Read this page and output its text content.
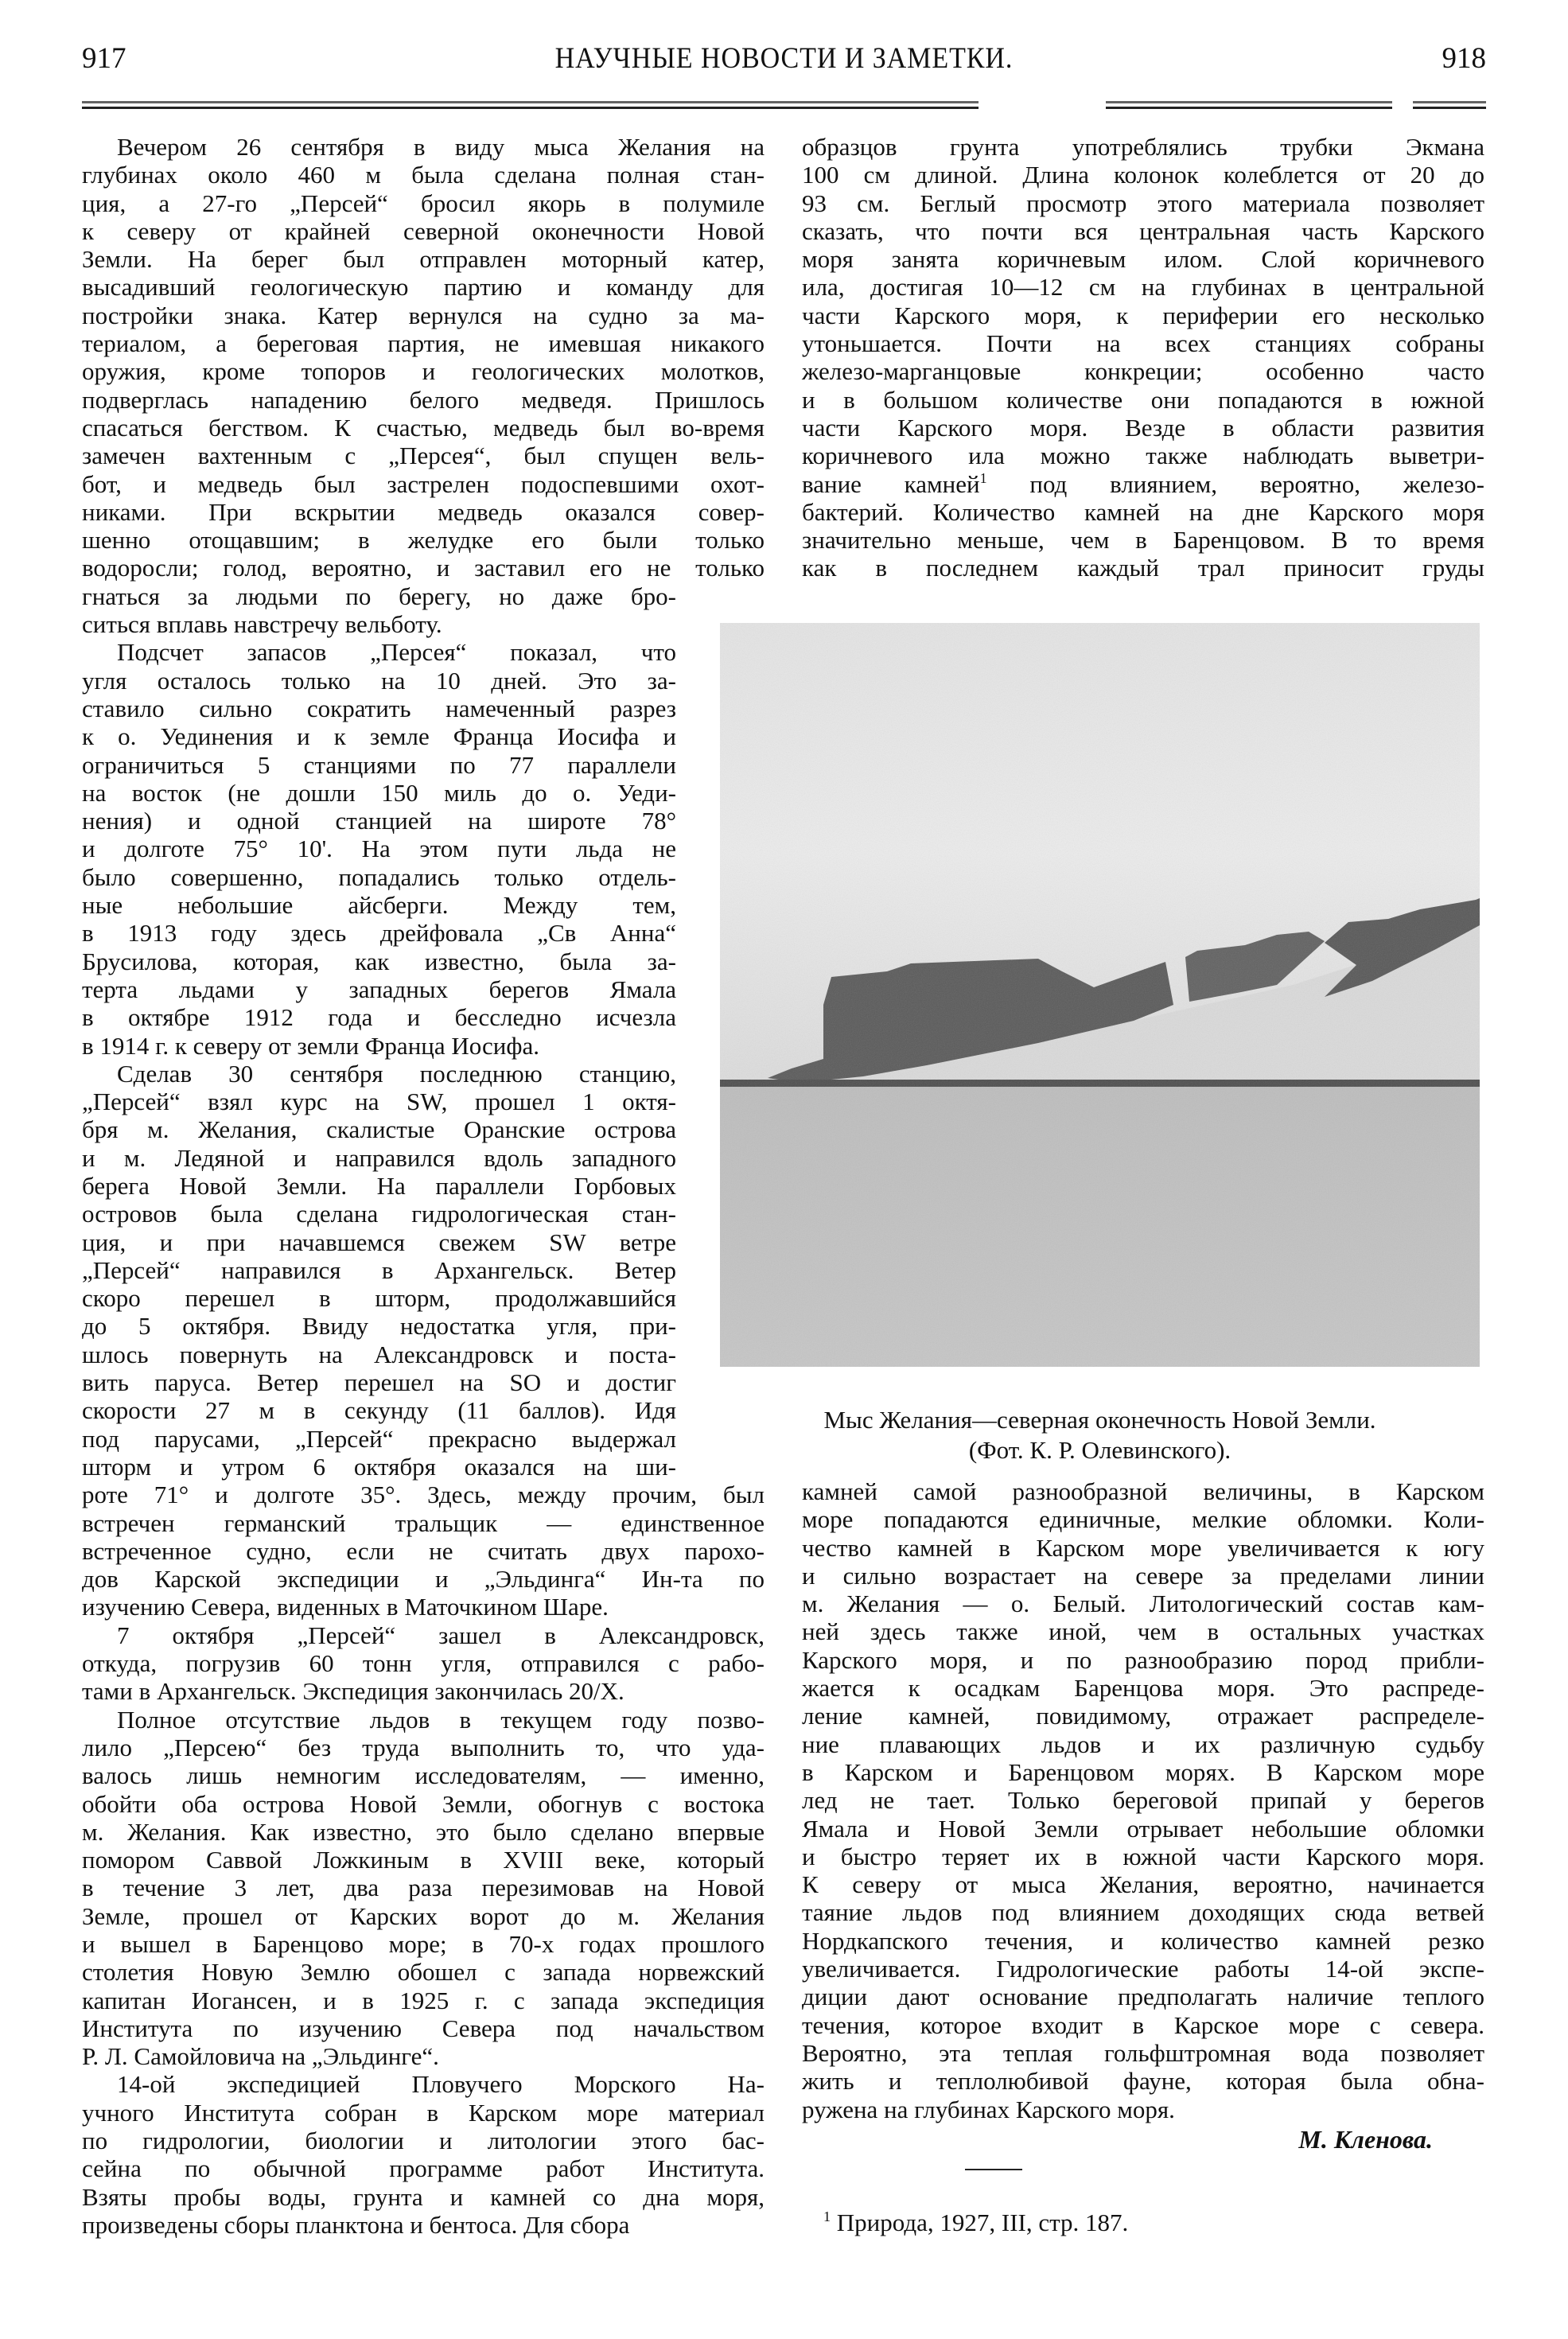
917	НАУЧНЫЕ НОВОСТИ И ЗАМЕТКИ.	918
Вечером 26 сентября в виду мыса Желания на
глубинах около 460 м была сделана полная стан-
ция, а 27-го „Персей“ бросил якорь в полумиле
к северу от крайней северной оконечности Новой
Земли. На берег был отправлен моторный катер,
высадивший геологическую партию и команду для
постройки знака. Катер вернулся на судно за ма-
териалом, а береговая партия, не имевшая никакого
оружия, кроме топоров и геологических молотков,
подверглась нападению белого медведя. Пришлось
спасаться бегством. К счастью, медведь был во-время
замечен вахтенным с „Персея“, был спущен вель-
бот, и медведь был застрелен подоспевшими охот-
никами. При вскрытии медведь оказался совер-
шенно отощавшим; в желудке его были только
водоросли; голод, вероятно, и заставил его не только
гнаться за людьми по берегу, но даже бро-
ситься вплавь навстречу вельботу.
Подсчет запасов „Персея“ показал, что
угля осталось только на 10 дней. Это за-
ставило сильно сократить намеченный разрез
к о. Уединения и к земле Франца Иосифа и
ограничиться 5 станциями по 77 параллели
на восток (не дошли 150 миль до о. Уеди-
нения) и одной станцией на широте 78°
и долготе 75° 10'. На этом пути льда не
было совершенно, попадались только отдель-
ные небольшие айсберги. Между тем,
в 1913 году здесь дрейфовала „Св Анна“
Брусилова, которая, как известно, была за-
терта льдами у западных берегов Ямала
в октябре 1912 года и бесследно исчезла
в 1914 г. к северу от земли Франца Иосифа.
Сделав 30 сентября последнюю станцию,
„Персей“ взял курс на SW, прошел 1 октя-
бря м. Желания, скалистые Оранские острова
и м. Ледяной и направился вдоль западного
берега Новой Земли. На параллели Горбовых
островов была сделана гидрологическая стан-
ция, и при начавшемся свежем SW ветре
„Персей“ направился в Архангельск. Ветер
скоро перешел в шторм, продолжавшийся
до 5 октября. Ввиду недостатка угля, при-
шлось повернуть на Александровск и поста-
вить паруса. Ветер перешел на SO и достиг
скорости 27 м в секунду (11 баллов). Идя
под парусами, „Персей“ прекрасно выдержал
шторм и утром 6 октября оказался на ши-
роте 71° и долготе 35°. Здесь, между прочим, был
встречен германский тральщик — единственное
встреченное судно, если не считать двух парохо-
дов Карской экспедиции и „Эльдинга“ Ин-та по
изучению Севера, виденных в Маточкином Шаре.
7 октября „Персей“ зашел в Александровск,
откуда, погрузив 60 тонн угля, отправился с рабо-
тами в Архангельск. Экспедиция закончилась 20/X.
Полное отсутствие льдов в текущем году позво-
лило „Персею“ без труда выполнить то, что уда-
валось лишь немногим исследователям, — именно,
обойти оба острова Новой Земли, обогнув с востока
м. Желания. Как известно, это было сделано впервые
помором Саввой Ложкиным в XVIII веке, который
в течение 3 лет, два раза перезимовав на Новой
Земле, прошел от Карских ворот до м. Желания
и вышел в Баренцово море; в 70-х годах прошлого
столетия Новую Землю обошел с запада норвежский
капитан Иогансен, и в 1925 г. с запада экспедиция
Института по изучению Севера под начальством
Р. Л. Самойловича на „Эльдинге“.
14-ой экспедицией Пловучего Морского На-
учного Института собран в Карском море материал
по гидрологии, биологии и литологии этого бас-
сейна по обычной программе работ Института.
Взяты пробы воды, грунта и камней со дна моря,
произведены сборы планктона и бентоса. Для сбора
образцов грунта употреблялись трубки Экмана
100 см длиной. Длина колонок колеблется от 20 до
93 см. Беглый просмотр этого материала позволяет
сказать, что почти вся центральная часть Карского
моря занята коричневым илом. Слой коричневого
ила, достигая 10—12 см на глубинах в центральной
части Карского моря, к периферии его несколько
утоньшается. Почти на всех станциях собраны
железо-марганцовые конкреции; особенно часто
и в большом количестве они попадаются в южной
части Карского моря. Везде в области развития
коричневого ила можно также наблюдать выветри-
вание камней$^1$ под влиянием, вероятно, железо-
бактерий. Количество камней на дне Карского моря
значительно меньше, чем в Баренцовом. В то время
как в последнем каждый трал приносит груды
Мыс Желания—северная оконечность Новой Земли.
(Фот. К. Р. Олевинского).
камней самой разнообразной величины, в Карском
море попадаются единичные, мелкие обломки. Коли-
чество камней в Карском море увеличивается к югу
и сильно возрастает на севере за пределами линии
м. Желания — о. Белый. Литологический состав кам-
ней здесь также иной, чем в остальных участках
Карского моря, и по разнообразию пород прибли-
жается к осадкам Баренцова моря. Это распреде-
ление камней, повидимому, отражает распределе-
ние плавающих льдов и их различную судьбу
в Карском и Баренцовом морях. В Карском море
лед не тает. Только береговой припай у берегов
Ямала и Новой Земли отрывает небольшие обломки
и быстро теряет их в южной части Карского моря.
К северу от мыса Желания, вероятно, начинается
таяние льдов под влиянием доходящих сюда ветвей
Нордкапского течения, и количество камней резко
увеличивается. Гидрологические работы 14-ой экспе-
диции дают основание предполагать наличие теплого
течения, которое входит в Карское море с севера.
Вероятно, эта теплая гольфштромная вода позволяет
жить и теплолюбивой фауне, которая была обна-
ружена на глубинах Карского моря.
М. Кленова.
$^1$ Природа, 1927, III, стр. 187.
